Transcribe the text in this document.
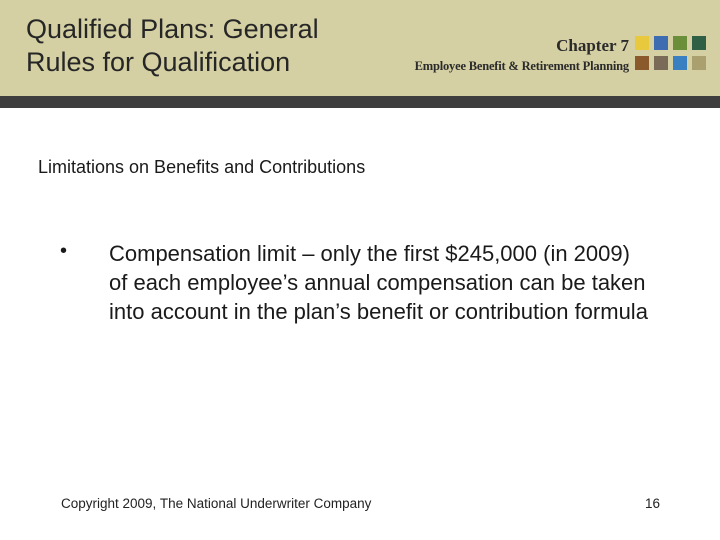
Qualified Plans: General Rules for Qualification
Chapter 7
Employee Benefit & Retirement Planning
Limitations on Benefits and Contributions
• Compensation limit – only the first $245,000 (in 2009) of each employee’s annual compensation can be taken into account in the plan’s benefit or contribution formula
Copyright 2009, The National Underwriter Company	16
